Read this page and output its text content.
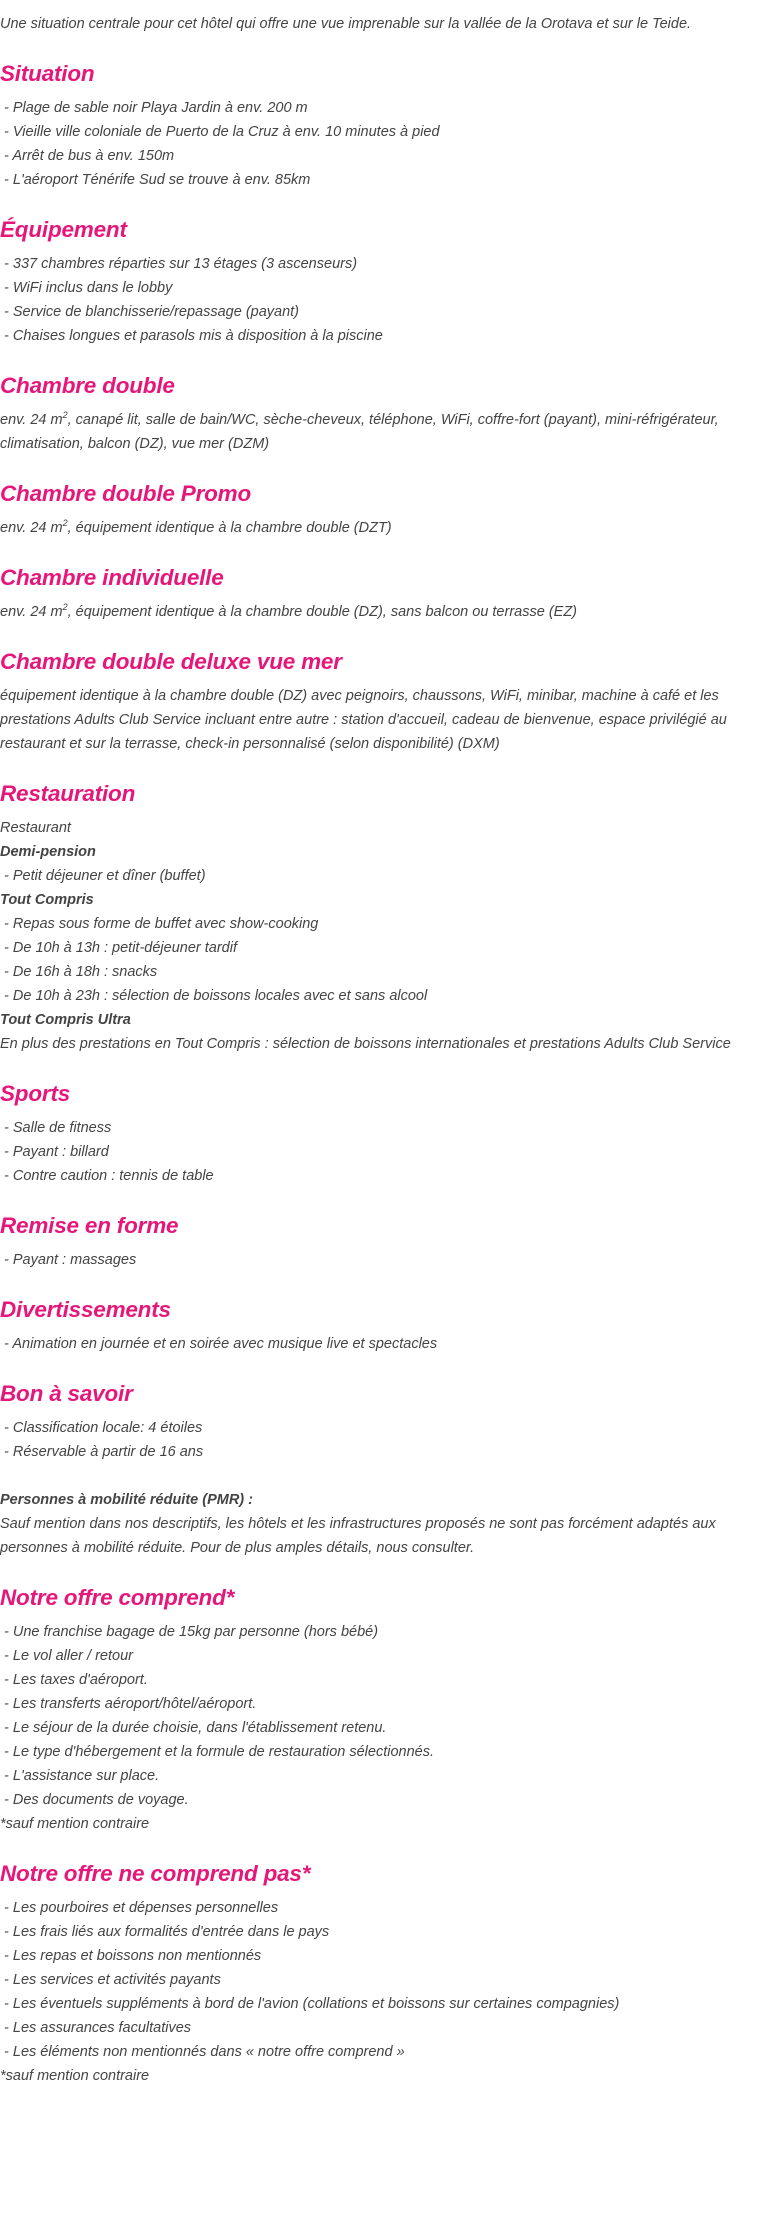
Une situation centrale pour cet hôtel qui offre une vue imprenable sur la vallée de la Orotava et sur le Teide.

Situation
- Plage de sable noir Playa Jardin à env. 200 m
- Vieille ville coloniale de Puerto de la Cruz à env. 10 minutes à pied
- Arrêt de bus à env. 150m
- L'aéroport Ténérife Sud se trouve à env. 85km
Équipement
- 337 chambres réparties sur 13 étages (3 ascenseurs)
- WiFi inclus dans le lobby
- Service de blanchisserie/repassage (payant)
- Chaises longues et parasols mis à disposition à la piscine
Chambre double

env. 24 $m^2$, canapé lit, salle de bain/WC, sèche-cheveux, téléphone, WiFi, coffre-fort (payant), mini-réfrigérateur, climatisation, balcon (DZ), vue mer (DZM)

Chambre double Promo

env. 24 $m^2$, équipement identique à la chambre double (DZT)

Chambre individuelle

env. 24 $m^2$, équipement identique à la chambre double (DZ), sans balcon ou terrasse (EZ)

Chambre double deluxe vue mer

équipement identique à la chambre double (DZ) avec peignoirs, chaussons, WiFi, minibar, machine à café et les prestations Adults Club Service incluant entre autre : station d'accueil, cadeau de bienvenue, espace privilégié au restaurant et sur la terrasse, check-in personnalisé (selon disponibilité) (DXM)

Restauration
Restaurant
Demi-pension
- Petit déjeuner et dîner (buffet)
Tout Compris
- Repas sous forme de buffet avec show-cooking
- De 10h à 13h : petit-déjeuner tardif
- De 16h à 18h : snacks
- De 10h à 23h : sélection de boissons locales avec et sans alcool
Tout Compris Ultra
En plus des prestations en Tout Compris : sélection de boissons internationales et prestations Adults Club Service
Sports
- Salle de fitness
- Payant : billard
- Contre caution : tennis de table
Remise en forme
- Payant : massages
Divertissements
- Animation en journée et en soirée avec musique live et spectacles
Bon à savoir
- Classification locale: 4 étoiles
- Réservable à partir de 16 ans
Personnes à mobilité réduite (PMR) :

Sauf mention dans nos descriptifs, les hôtels et les infrastructures proposés ne sont pas forcément adaptés aux personnes à mobilité réduite. Pour de plus amples détails, nous consulter.

Notre offre comprend*
- Une franchise bagage de 15kg par personne (hors bébé)
- Le vol aller / retour
- Les taxes d'aéroport.
- Les transferts aéroport/hôtel/aéroport.
- Le séjour de la durée choisie, dans l'établissement retenu.
- Le type d'hébergement et la formule de restauration sélectionnés.
- L'assistance sur place.
- Des documents de voyage.
*sauf mention contraire
Notre offre ne comprend pas*
- Les pourboires et dépenses personnelles
- Les frais liés aux formalités d'entrée dans le pays
- Les repas et boissons non mentionnés
- Les services et activités payants
- Les éventuels suppléments à bord de l'avion (collations et boissons sur certaines compagnies)
- Les assurances facultatives
- Les éléments non mentionnés dans « notre offre comprend »
*sauf mention contraire
